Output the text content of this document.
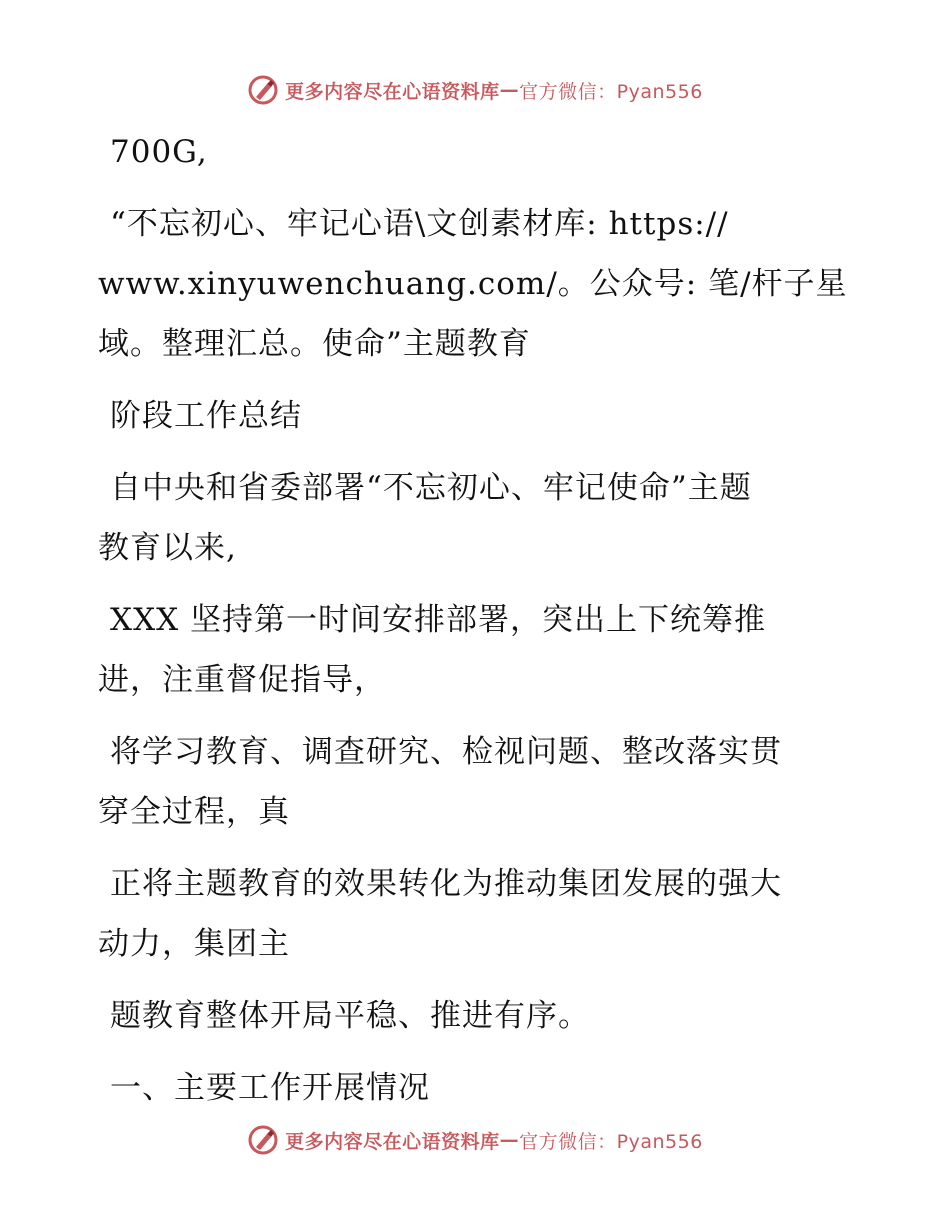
更多内容尽在心语资料库 — 官方微信：Pyan556
700G,
“不忘初心、牢记心语\文创素材库: https://
www.xinyuwenchuang.com/。公众号: 笔/杆子星
域。整理汇总。使命”主题教育
阶段工作总结
自中央和省委部署“不忘初心、牢记使命”主题
教育以来,
XXX 坚持第一时间安排部署，突出上下统筹推
进，注重督促指导，
将学习教育、调查研究、检视问题、整改落实贯
穿全过程，真
正将主题教育的效果转化为推动集团发展的强大
动力，集团主
题教育整体开局平稳、推进有序。
一、主要工作开展情况
更多内容尽在心语资料库 — 官方微信：Pyan556
